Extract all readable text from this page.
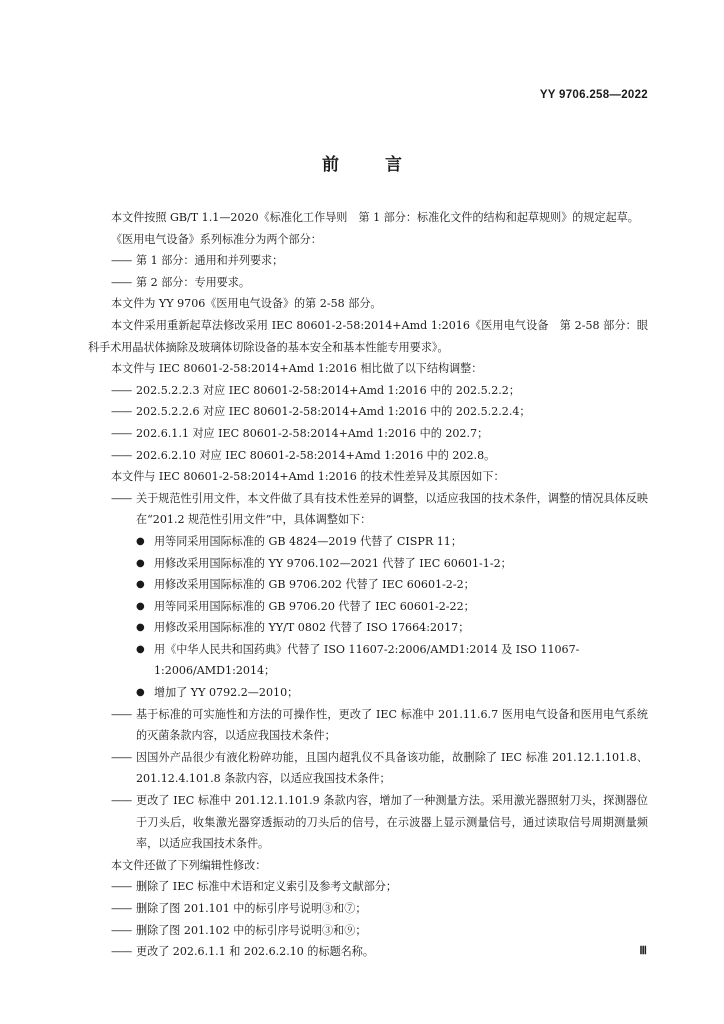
YY 9706.258—2022
前	言
本文件按照 GB/T 1.1—2020《标准化工作导则　第 1 部分：标准化文件的结构和起草规则》的规定起草。
《医用电气设备》系列标准分为两个部分：
—— 第 1 部分：通用和并列要求；
—— 第 2 部分：专用要求。
本文件为 YY 9706《医用电气设备》的第 2-58 部分。
本文件采用重新起草法修改采用 IEC 80601-2-58:2014+Amd 1:2016《医用电气设备　第 2-58 部分：眼科手术用晶状体摘除及玻璃体切除设备的基本安全和基本性能专用要求》。
本文件与 IEC 80601-2-58:2014+Amd 1:2016 相比做了以下结构调整：
—— 202.5.2.2.3 对应 IEC 80601-2-58:2014+Amd 1:2016 中的 202.5.2.2；
—— 202.5.2.2.6 对应 IEC 80601-2-58:2014+Amd 1:2016 中的 202.5.2.2.4；
—— 202.6.1.1 对应 IEC 80601-2-58:2014+Amd 1:2016 中的 202.7；
—— 202.6.2.10 对应 IEC 80601-2-58:2014+Amd 1:2016 中的 202.8。
本文件与 IEC 80601-2-58:2014+Amd 1:2016 的技术性差异及其原因如下：
—— 关于规范性引用文件，本文件做了具有技术性差异的调整，以适应我国的技术条件，调整的情况具体反映在“201.2 规范性引用文件”中，具体调整如下：
● 用等同采用国际标准的 GB 4824—2019 代替了 CISPR 11；
● 用修改采用国际标准的 YY 9706.102—2021 代替了 IEC 60601-1-2；
● 用修改采用国际标准的 GB 9706.202 代替了 IEC 60601-2-2；
● 用等同采用国际标准的 GB 9706.20 代替了 IEC 60601-2-22；
● 用修改采用国际标准的 YY/T 0802 代替了 ISO 17664:2017；
● 用《中华人民共和国药典》代替了 ISO 11607-2:2006/AMD1:2014 及 ISO 11067-1:2006/AMD1:2014；
● 增加了 YY 0792.2—2010；
—— 基于标准的可实施性和方法的可操作性，更改了 IEC 标准中 201.11.6.7 医用电气设备和医用电气系统的灭菌条款内容，以适应我国技术条件；
—— 因国外产品很少有液化粉碎功能，且国内超乳仪不具备该功能，故删除了 IEC 标准 201.12.1.101.8、201.12.4.101.8 条款内容，以适应我国技术条件；
—— 更改了 IEC 标准中 201.12.1.101.9 条款内容，增加了一种测量方法。采用激光器照射刀头，探测器位于刀头后，收集激光器穿透振动的刀头后的信号，在示波器上显示测量信号，通过读取信号周期测量频率，以适应我国技术条件。
本文件还做了下列编辑性修改：
—— 删除了 IEC 标准中术语和定义索引及参考文献部分；
—— 删除了图 201.101 中的标引序号说明③和⑦；
—— 删除了图 201.102 中的标引序号说明③和⑨；
—— 更改了 202.6.1.1 和 202.6.2.10 的标题名称。	Ⅲ
